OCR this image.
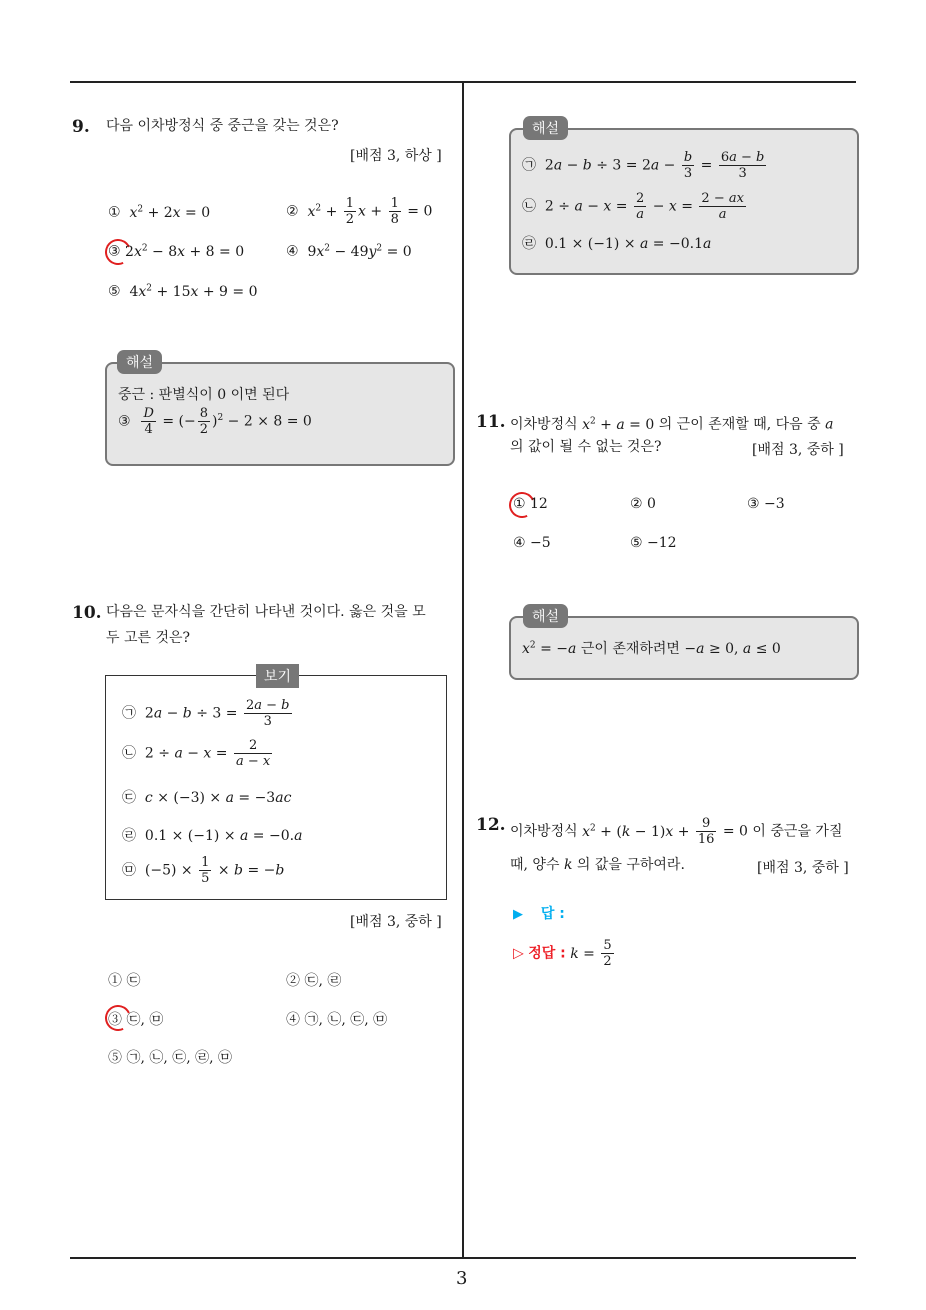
3
9. 다음 이차방정식 중 중근을 갖는 것은?
[배점 3, 하상 ]
① $x^2 + 2x = 0$	② $x^2 + \frac{1}{2}$ $x + \frac{1}{8} = 0$
③ $2x^2 - 8x + 8 = 0$	④ $9x^2 - 49y^2 = 0$
⑤ $4x^2 + 15x + 9 = 0$
해설
중근 : 판별식이 0 이면 된다
③ $\frac{D}{4}$ = (− $\frac{8}{2} )^2 - 2 \times 8 = 0$
10. 다음은 문자식을 간단히 나타낸 것이다. 옳은 것을 모
두 고른 것은?
보기
㉠ $2a - b \div 3 = \frac{2a - b}{3}$
㉡ $2 \div a - x = \frac{2}{a - x}$
㉢ c × (−3) × a = −3ac
㉣ 0.1 × (−1) × a = −0.a
㉤  $(-5) \times \frac{1}{5} \times b = -b$
[배점 3, 중하 ]
① ㉢	② ㉢, ㉣
③ ㉢, ㉤	④ ㉠, ㉡, ㉢, ㉤
⑤ ㉠, ㉡, ㉢, ㉣, ㉤
해설
㉠ $2a - b \div 3 = 2a - \frac{b}{3} = \frac{6a - b}{3}$
㉡ $2 \div a - x = \frac{2}{a} - x = \frac{2 - ax}{a}$
㉣ 0.1 × (−1) × a = −0.1a
11. 이차방정식 $x^2 + a = 0$ 의 근이 존재할 때, 다음 중 a
의 값이 될 수 없는 것은?	[배점 3, 중하 ]
① 12	② 0	③ −3
④ −5	⑤ −12
해설
$x^2 = -a$ 근이 존재하려면 −a ≥ 0, a ≤ 0
12. 이차방정식 $x^2 + (k - 1)x + \frac{9}{16} = 0$ 이 중근을 가질
때, 양수 k 의 값을 구하여라.	[배점 3, 중하 ]
▶ 답 :
▷ 정답 : $k = \frac{5}{2}$
